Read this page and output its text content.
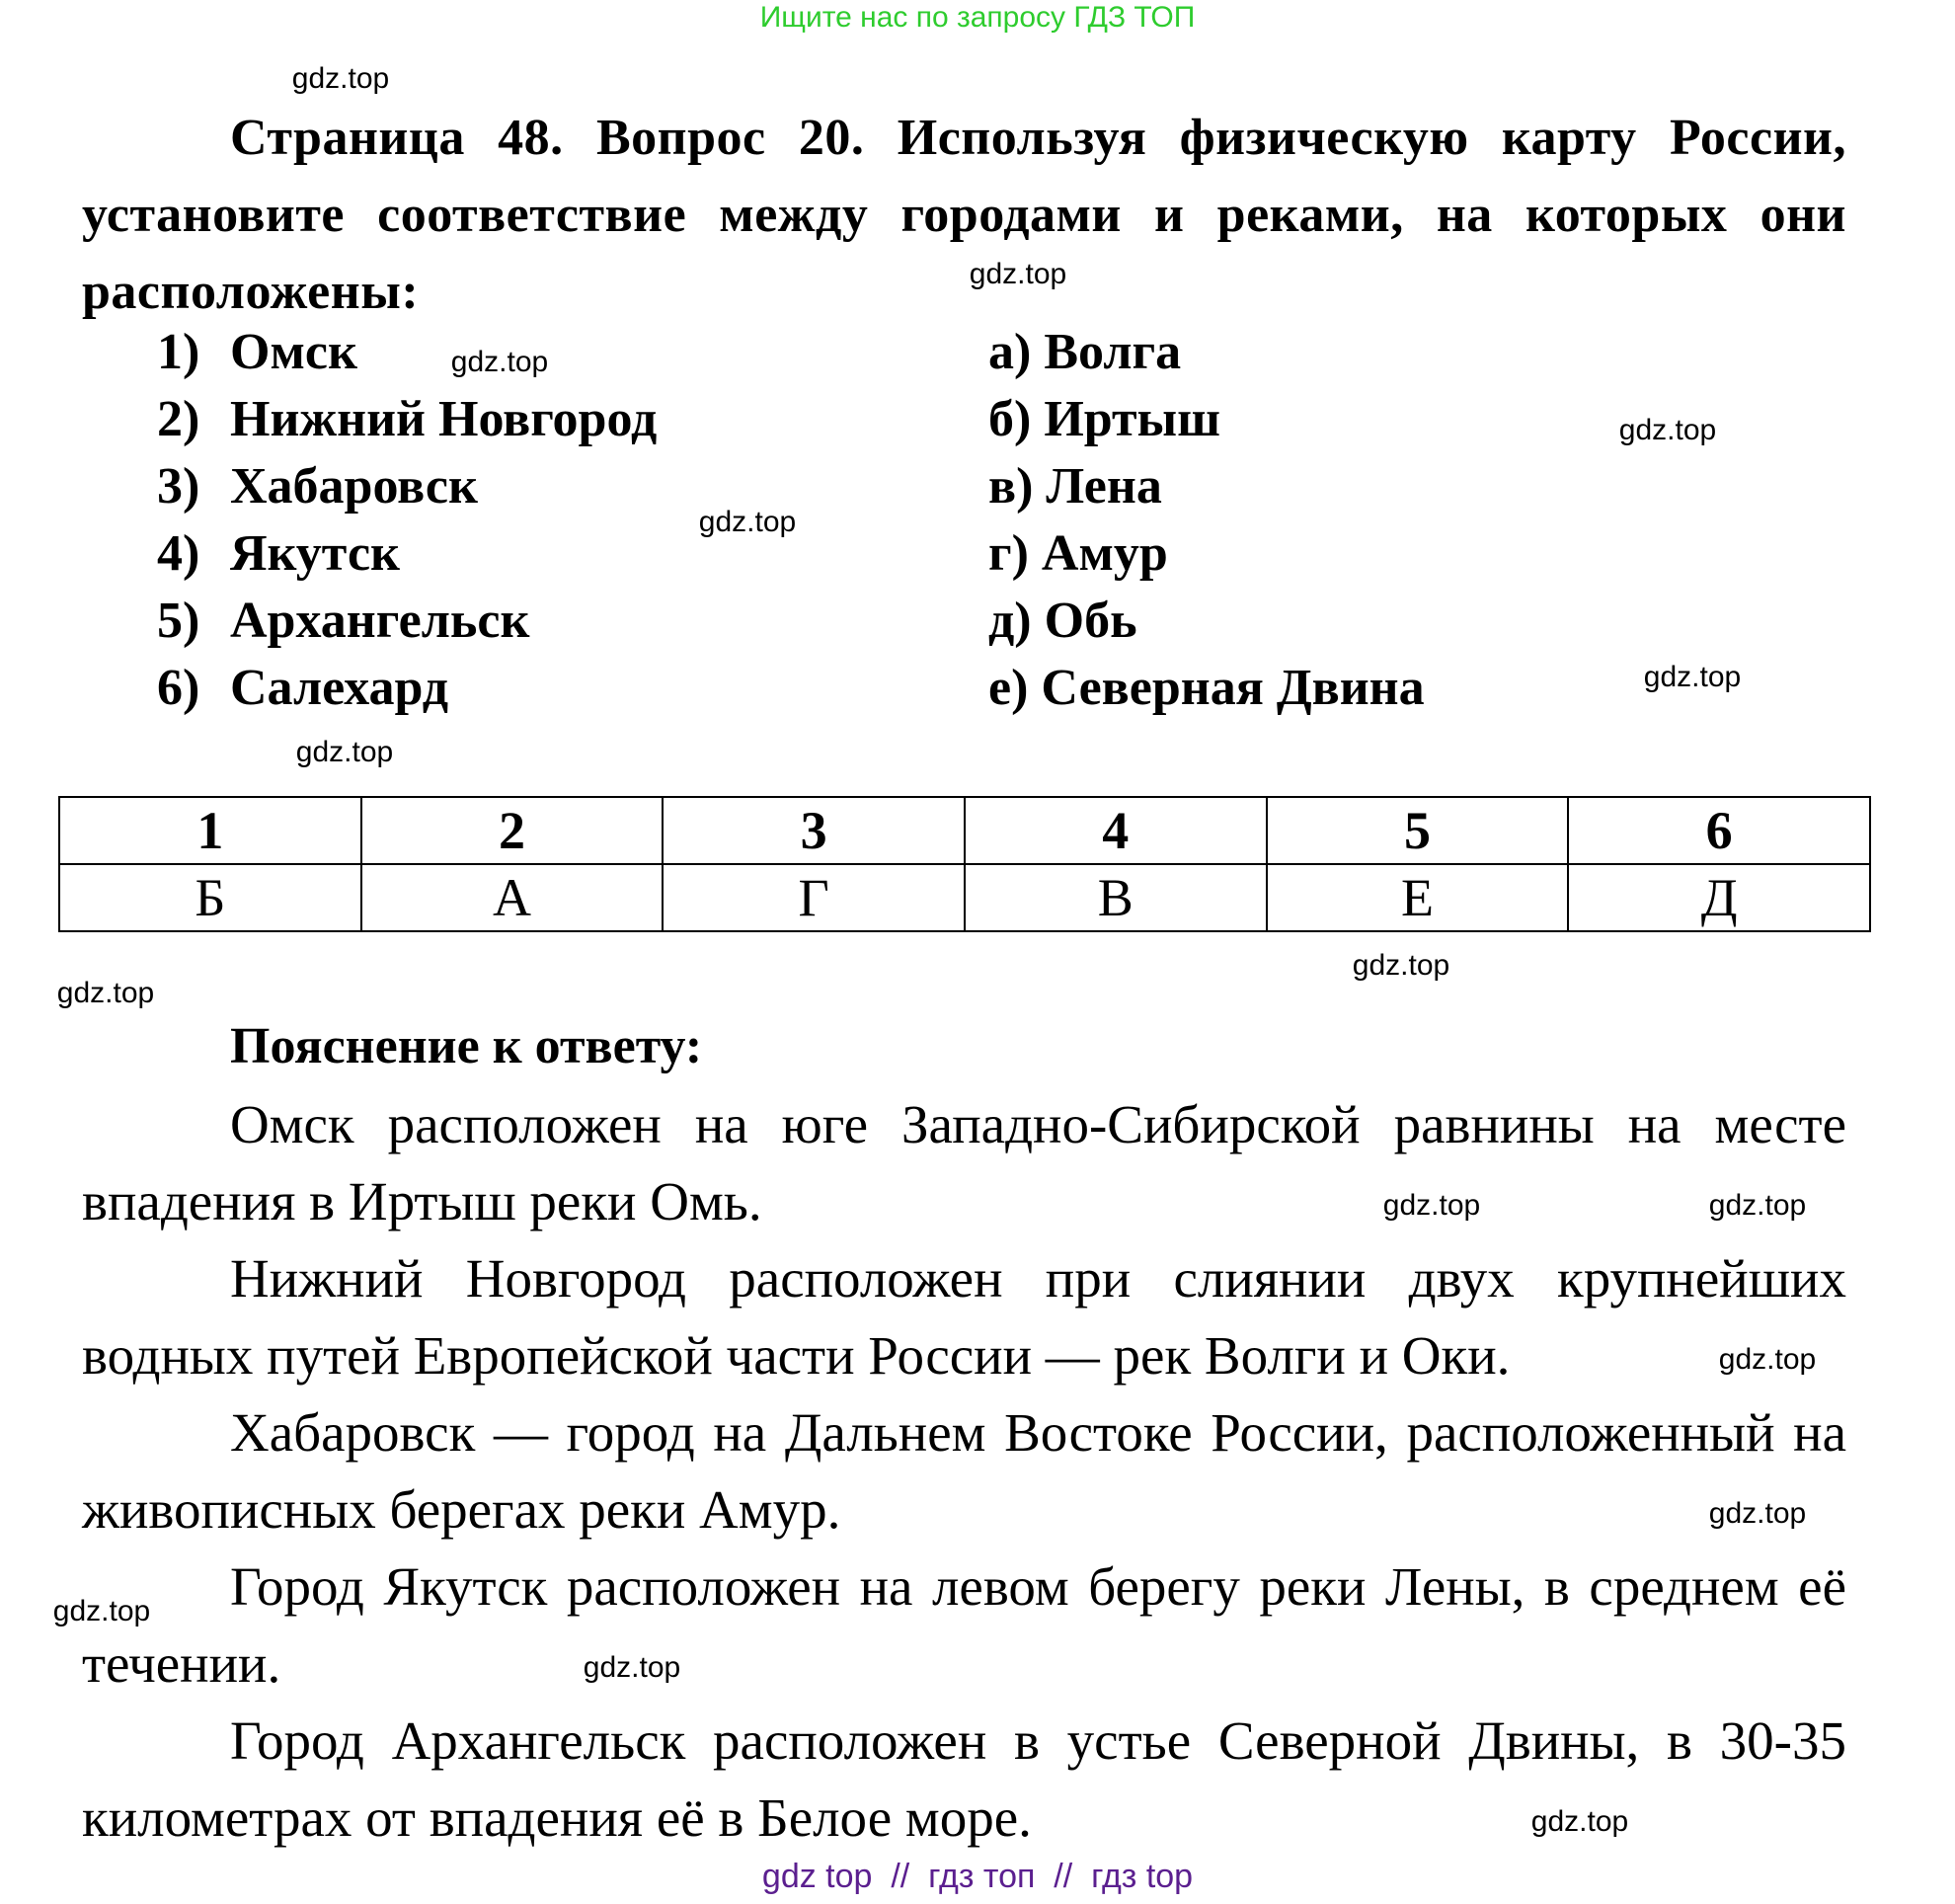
Ищите нас по запросу ГДЗ ТОП
Страница 48. Вопрос 20. Используя физическую карту России, установите соответствие между городами и реками, на которых они расположены:
1) Омск
2) Нижний Новгород
3) Хабаровск
4) Якутск
5) Архангельск
6) Салехард
а) Волга
б) Иртыш
в) Лена
г) Амур
д) Обь
е) Северная Двина
1	2	3	4	5	6
Б	А	Г	В	Е	Д
Пояснение к ответу:

Омск расположен на юге Западно-Сибирской равнины на месте впадения в Иртыш реки Омь.

Нижний Новгород расположен при слиянии двух крупнейших водных путей Европейской части России — рек Волги и Оки.

Хабаровск — город на Дальнем Востоке России, расположенный на живописных берегах реки Амур.

Город Якутск расположен на левом берегу реки Лены, в среднем её течении.

Город Архангельск расположен в устье Северной Двины, в 30-35 километрах от впадения её в Белое море.

gdz.top
gdz.top
gdz.top
gdz.top
gdz.top
gdz.top
gdz.top
gdz.top
gdz.top
gdz.top	gdz.top
gdz.top
gdz.top
gdz.top
gdz.top
gdz.top
gdz top  //  гдз топ  //  гдз top
